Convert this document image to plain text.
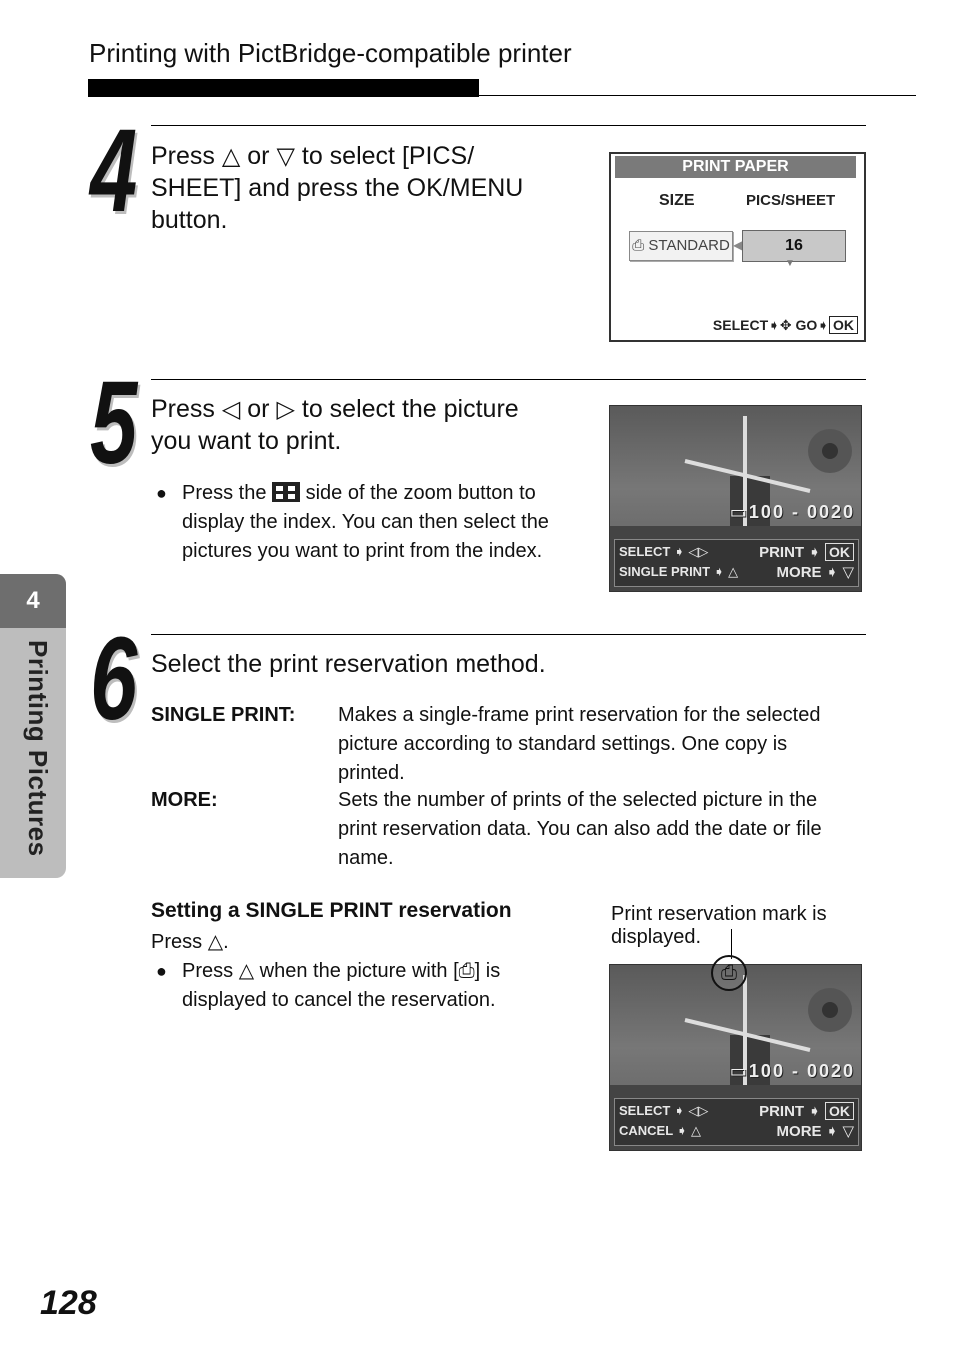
Printing with PictBridge-compatible printer
4
Printing Pictures
4 Press △ or ▽ to select [PICS/
SHEET] and press the OK/MENU
button.
PRINT PAPER
SIZE	PICS/SHEET
⎙ STANDARD ◀	16
▼
SELECT➧✥ GO➧ OK
5 Press ◁ or ▷ to select the picture
you want to print.
● Press the side of the zoom button to
display the index. You can then select the
pictures you want to print from the index.
▭100 - 0020
SELECT ➧ ◁▷
SINGLE PRINT ➧ △
PRINT ➧ OK
MORE ➧ ▽
6 Select the print reservation method.
SINGLE PRINT:	Makes a single-frame print reservation for the selected
picture according to standard settings. One copy is
printed.
MORE:	Sets the number of prints of the selected picture in the
print reservation data. You can also add the date or file
name.
Setting a SINGLE PRINT reservation
Press △.
● Press △ when the picture with [⎙] is
displayed to cancel the reservation.
Print reservation mark is
displayed.
▭100 - 0020
SELECT ➧ ◁▷
CANCEL ➧ △
PRINT ➧ OK
MORE ➧ ▽
⎙
128
